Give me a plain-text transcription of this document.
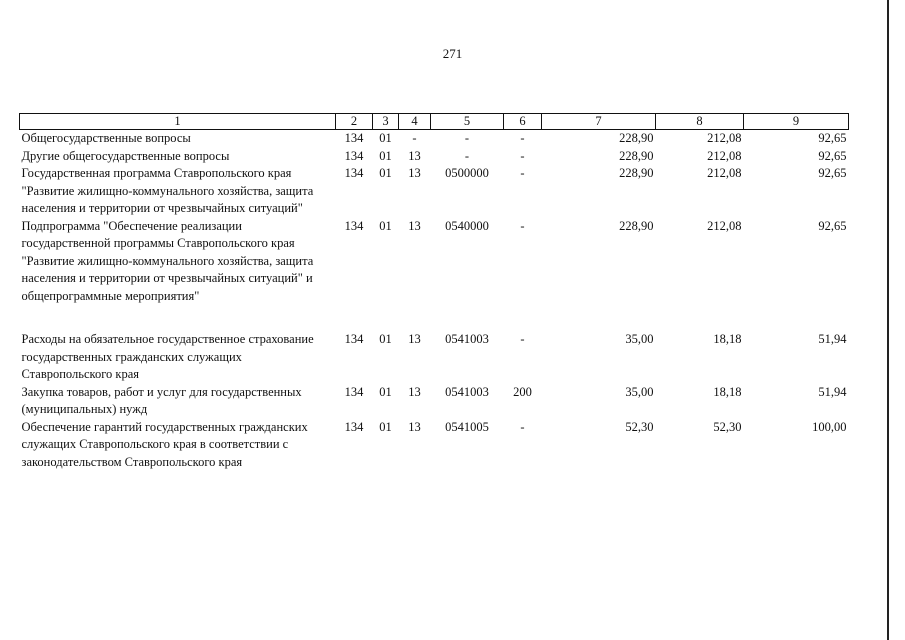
271
1	2	3	4	5	6	7	8	9
Общегосударственные вопросы	134	01	-	-	-	228,90	212,08	92,65
Другие общегосударственные вопросы	134	01	13	-	-	228,90	212,08	92,65
Государственная программа Ставропольского края "Развитие жилищно-коммунального хозяйства, защита населения и территории от чрезвычайных ситуаций"	134	01	13	0500000	-	228,90	212,08	92,65
Подпрограмма "Обеспечение реализации государственной программы Ставропольского края "Развитие жилищно-коммунального хозяйства, защита населения и территории от чрезвычайных ситуаций" и общепрограммные мероприятия"	134	01	13	0540000	-	228,90	212,08	92,65

Расходы на обязательное государственное страхование государственных гражданских служащих Ставропольского края	134	01	13	0541003	-	35,00	18,18	51,94
Закупка товаров, работ и услуг для государственных (муниципальных) нужд	134	01	13	0541003	200	35,00	18,18	51,94
Обеспечение гарантий государственных гражданских служащих Ставропольского края в соответствии с законодательством Ставропольского края	134	01	13	0541005	-	52,30	52,30	100,00
